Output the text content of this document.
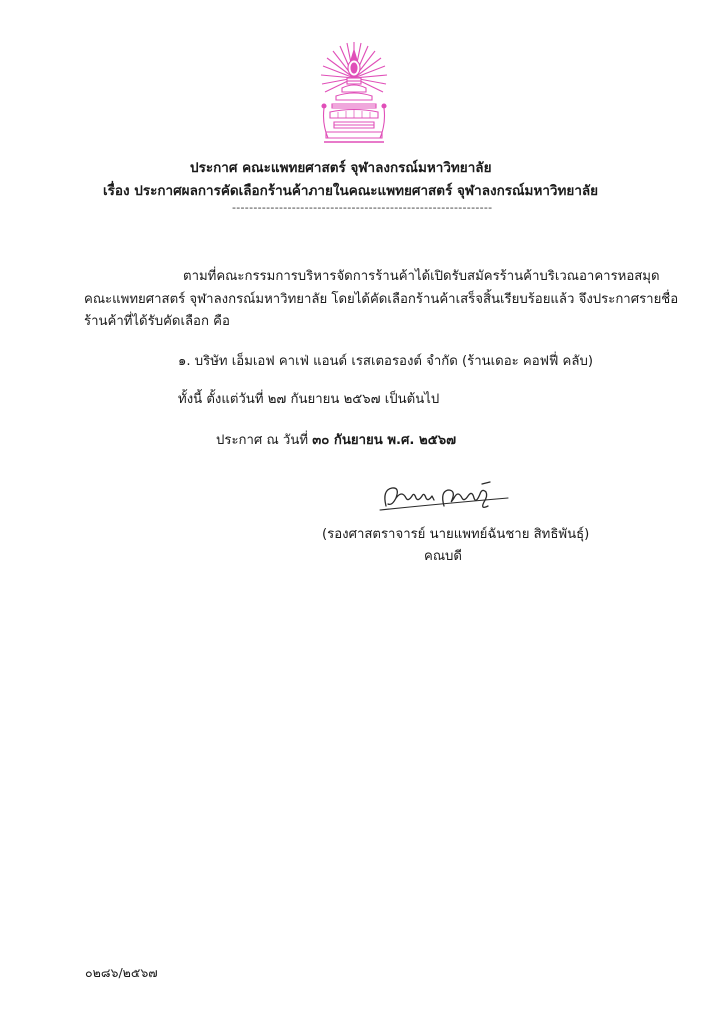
ประกาศ คณะแพทยศาสตร์ จุฬาลงกรณ์มหาวิทยาลัย
เรื่อง ประกาศผลการคัดเลือกร้านค้าภายในคณะแพทยศาสตร์ จุฬาลงกรณ์มหาวิทยาลัย
-------------------------------------------------------------
ตามที่คณะกรรมการบริหารจัดการร้านค้าได้เปิดรับสมัครร้านค้าบริเวณอาคารหอสมุด
คณะแพทยศาสตร์ จุฬาลงกรณ์มหาวิทยาลัย โดยได้คัดเลือกร้านค้าเสร็จสิ้นเรียบร้อยแล้ว จึงประกาศรายชื่อ
ร้านค้าที่ได้รับคัดเลือก คือ
๑. บริษัท เอ็มเอฟ คาเฟ่ แอนด์ เรสเตอรองต์ จำกัด (ร้านเดอะ คอฟฟี่ คลับ)
ทั้งนี้ ตั้งแต่วันที่ ๒๗ กันยายน ๒๕๖๗ เป็นต้นไป
ประกาศ ณ วันที่ ๓๐ กันยายน พ.ศ. ๒๕๖๗
(รองศาสตราจารย์ นายแพทย์ฉันชาย สิทธิพันธุ์)
คณบดี
๐๒๘๖/๒๕๖๗
